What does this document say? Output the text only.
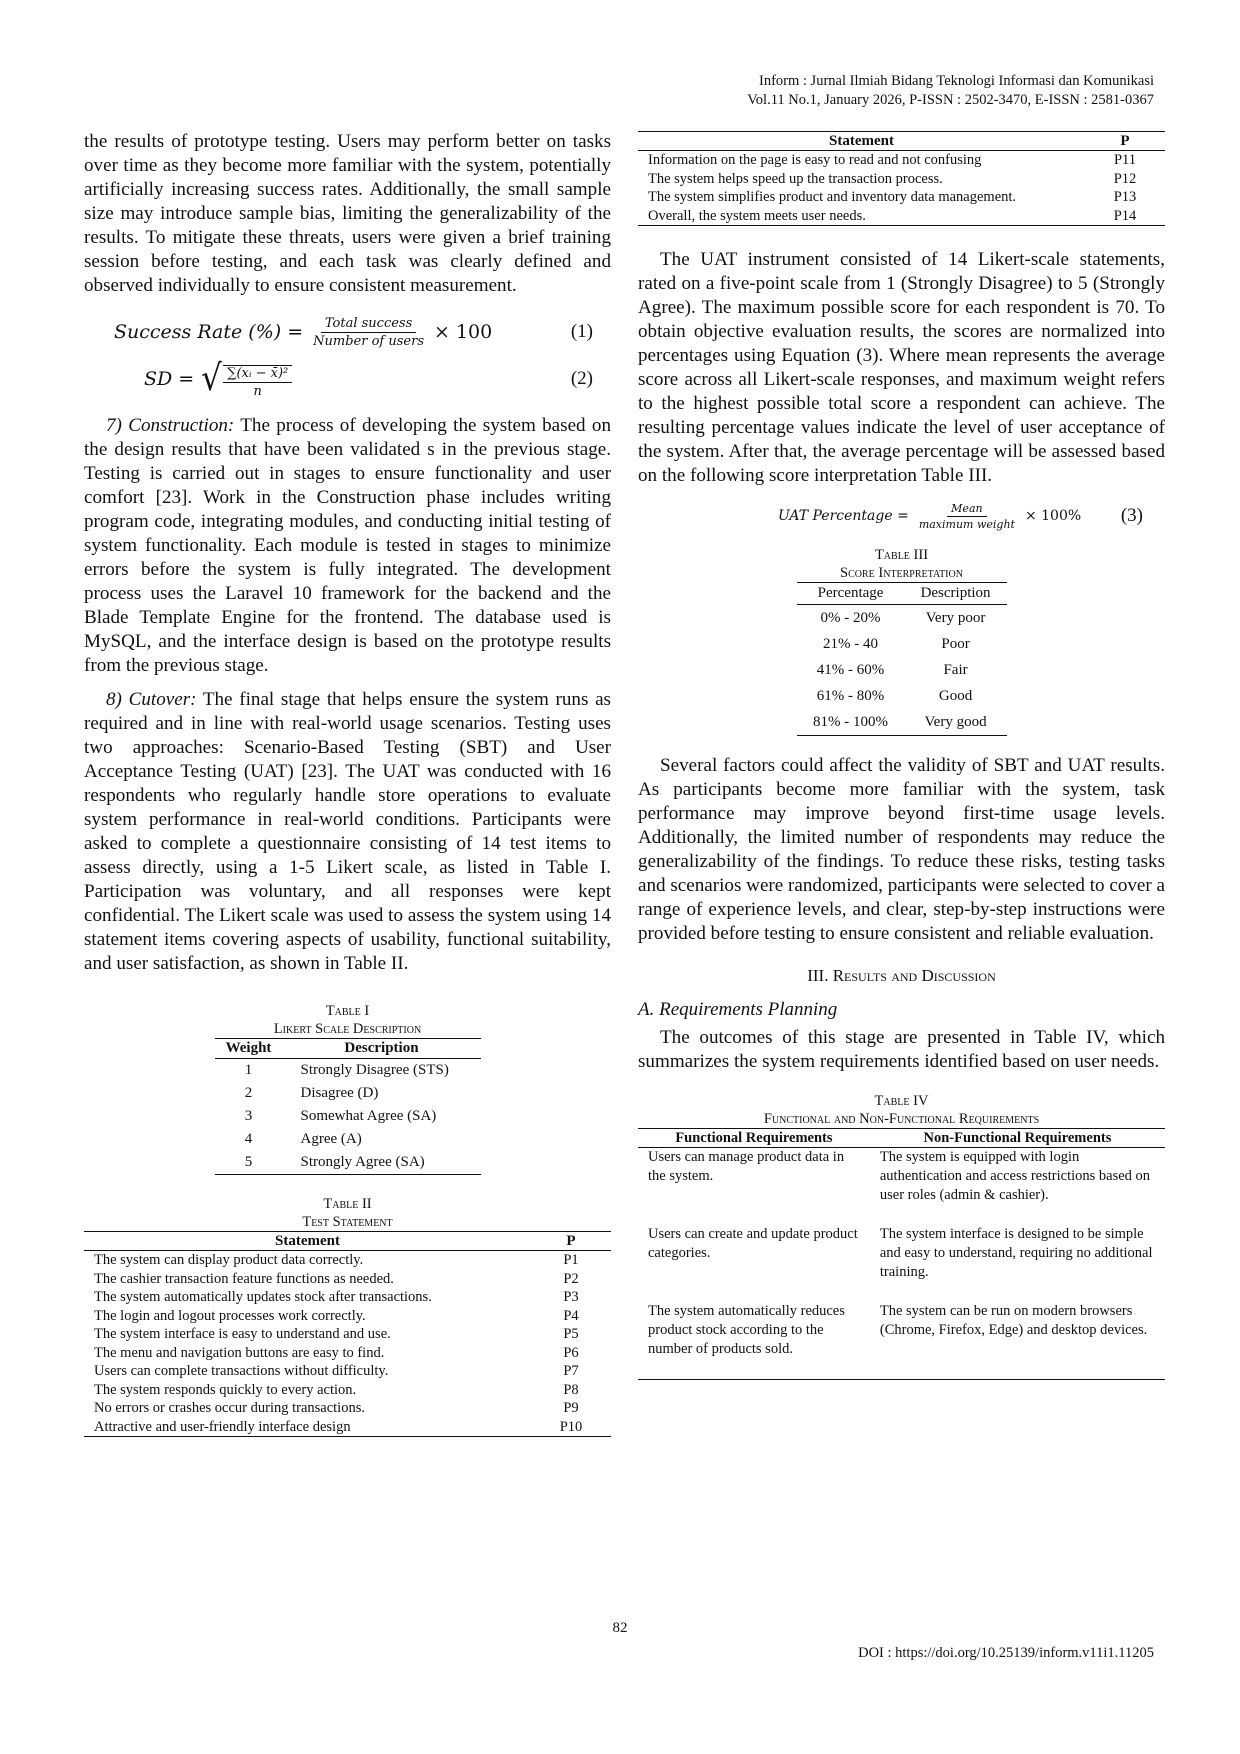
Inform : Jurnal Ilmiah Bidang Teknologi Informasi dan Komunikasi
Vol.11 No.1, January 2026, P-ISSN : 2502-3470, E-ISSN : 2581-0367

the results of prototype testing. Users may perform better on tasks over time as they become more familiar with the system, potentially artificially increasing success rates. Additionally, the small sample size may introduce sample bias, limiting the generalizability of the results. To mitigate these threats, users were given a brief training session before testing, and each task was clearly defined and observed individually to ensure consistent measurement.

Success Rate (%) = $\frac{\text{Total success}}{\text{Number of users}} \times 100$	(1)
SD = √ $\frac{\text{∑(xᵢ − x̄)²}}{n}$	(2)

7) Construction: The process of developing the system based on the design results that have been validated s in the previous stage. Testing is carried out in stages to ensure functionality and user comfort [23]. Work in the Construction phase includes writing program code, integrating modules, and conducting initial testing of system functionality. Each module is tested in stages to minimize errors before the system is fully integrated. The development process uses the Laravel 10 framework for the backend and the Blade Template Engine for the frontend. The database used is MySQL, and the interface design is based on the prototype results from the previous stage.

8) Cutover: The final stage that helps ensure the system runs as required and in line with real-world usage scenarios. Testing uses two approaches: Scenario-Based Testing (SBT) and User Acceptance Testing (UAT) [23]. The UAT was conducted with 16 respondents who regularly handle store operations to evaluate system performance in real-world conditions. Participants were asked to complete a questionnaire consisting of 14 test items to assess directly, using a 1-5 Likert scale, as listed in Table I. Participation was voluntary, and all responses were kept confidential. The Likert scale was used to assess the system using 14 statement items covering aspects of usability, functional suitability, and user satisfaction, as shown in Table II.

Table I
Likert Scale Description
Weight	Description
1	Strongly Disagree (STS)
2	Disagree (D)
3	Somewhat Agree (SA)
4	Agree (A)
5	Strongly Agree (SA)
Table II
Test Statement
Statement	P
The system can display product data correctly.	P1
The cashier transaction feature functions as needed.	P2
The system automatically updates stock after transactions.	P3
The login and logout processes work correctly.	P4
The system interface is easy to understand and use.	P5
The menu and navigation buttons are easy to find.	P6
Users can complete transactions without difficulty.	P7
The system responds quickly to every action.	P8
No errors or crashes occur during transactions.	P9
Attractive and user-friendly interface design	P10
Statement	P
Information on the page is easy to read and not confusing	P11
The system helps speed up the transaction process.	P12
The system simplifies product and inventory data management.	P13
Overall, the system meets user needs.	P14

The UAT instrument consisted of 14 Likert-scale statements, rated on a five-point scale from 1 (Strongly Disagree) to 5 (Strongly Agree). The maximum possible score for each respondent is 70. To obtain objective evaluation results, the scores are normalized into percentages using Equation (3). Where mean represents the average score across all Likert-scale responses, and maximum weight refers to the highest possible total score a respondent can achieve. The resulting percentage values indicate the level of user acceptance of the system. After that, the average percentage will be assessed based on the following score interpretation Table III.

UAT Percentage = $\frac{\text{Mean}}{\text{maximum weight}} \times 100\%$ (3)
Table III
Score Interpretation
Percentage	Description
0% - 20%	Very poor
21% - 40	Poor
41% - 60%	Fair
61% - 80%	Good
81% - 100%	Very good

Several factors could affect the validity of SBT and UAT results. As participants become more familiar with the system, task performance may improve beyond first-time usage levels. Additionally, the limited number of respondents may reduce the generalizability of the findings. To reduce these risks, testing tasks and scenarios were randomized, participants were selected to cover a range of experience levels, and clear, step-by-step instructions were provided before testing to ensure consistent and reliable evaluation.

III. Results and Discussion
A. Requirements Planning

The outcomes of this stage are presented in Table IV, which summarizes the system requirements identified based on user needs.

Table IV
Functional and Non-Functional Requirements
Functional Requirements	Non-Functional Requirements
Users can manage product data in the system.	The system is equipped with login authentication and access restrictions based on user roles (admin & cashier).
Users can create and update product categories.	The system interface is designed to be simple and easy to understand, requiring no additional training.
The system automatically reduces product stock according to the number of products sold.	The system can be run on modern browsers (Chrome, Firefox, Edge) and desktop devices.
82
DOI : https://doi.org/10.25139/inform.v11i1.11205
